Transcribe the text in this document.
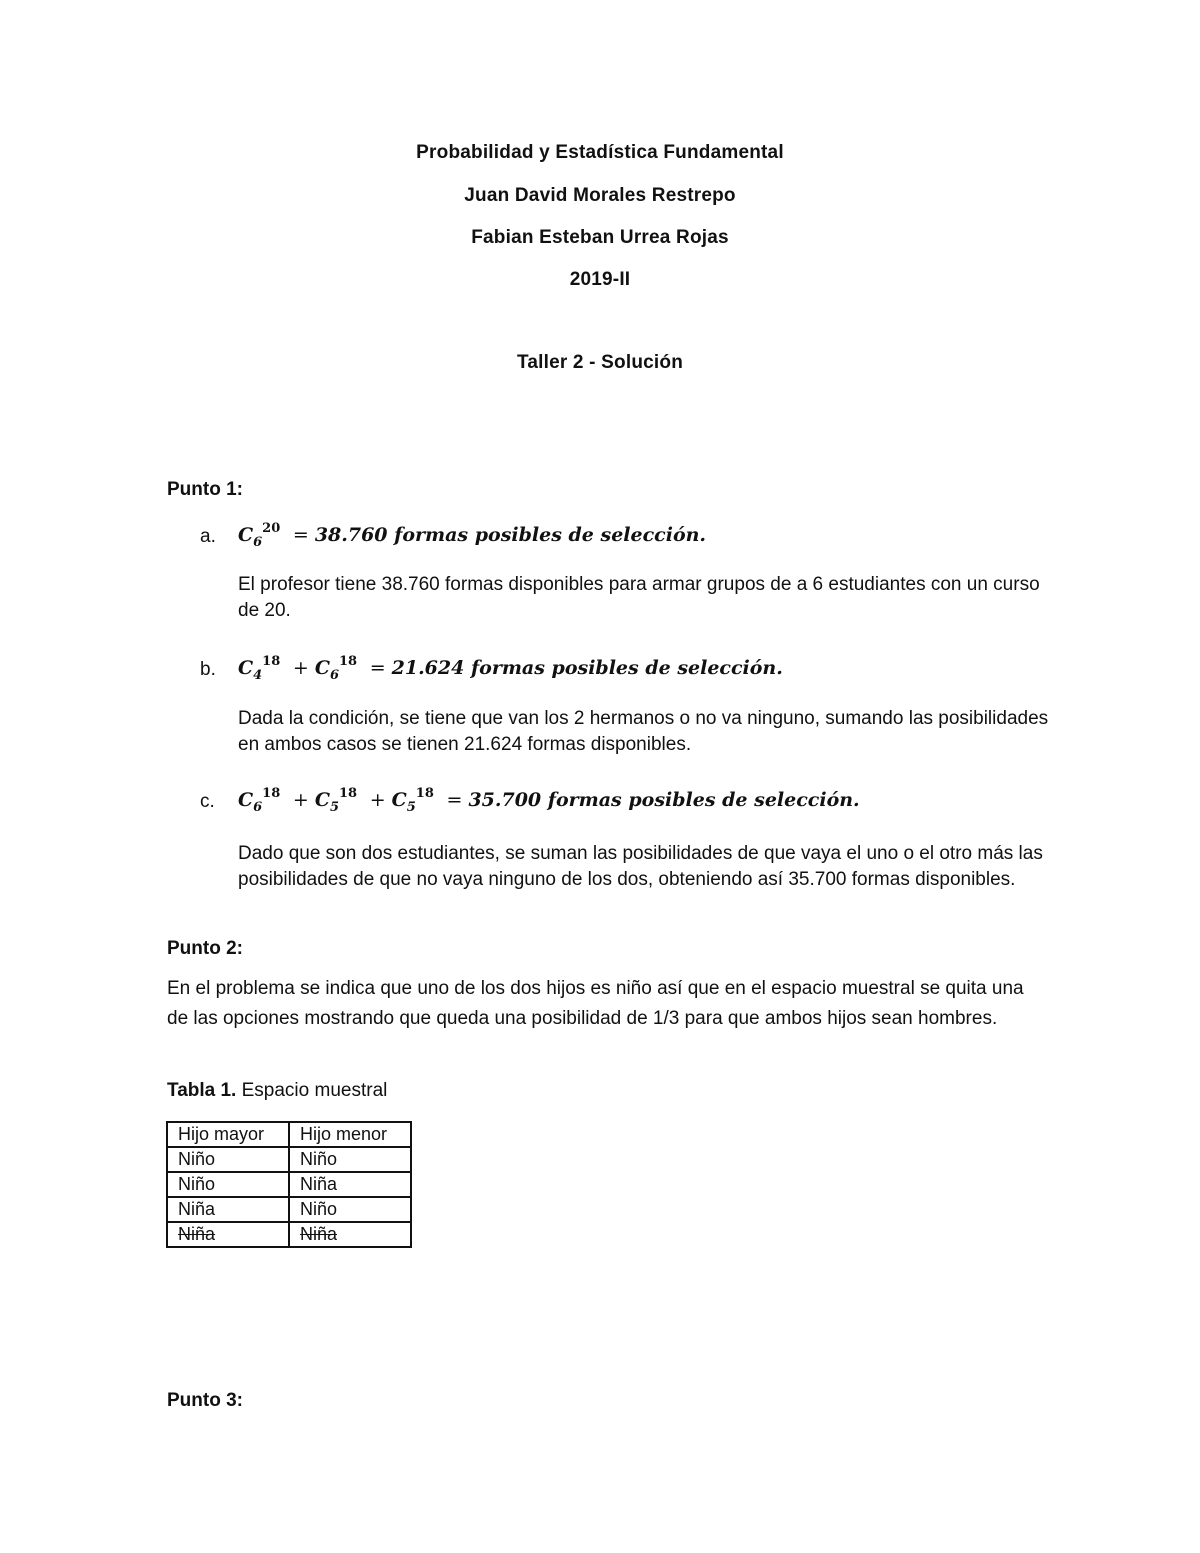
Probabilidad y Estadística Fundamental
Juan David Morales Restrepo
Fabian Esteban Urrea Rojas
2019-II
Taller 2 - Solución
Punto 1:
a. $C_6^{20} = 38.760$ formas posibles de selección.
El profesor tiene 38.760 formas disponibles para armar grupos de a 6 estudiantes con un curso de 20.
b. $C_4^{18} + C_6^{18} = 21.624$ formas posibles de selección.
Dada la condición, se tiene que van los 2 hermanos o no va ninguno, sumando las posibilidades en ambos casos se tienen 21.624 formas disponibles.
c. $C_6^{18} + C_5^{18} + C_5^{18} = 35.700$ formas posibles de selección.
Dado que son dos estudiantes, se suman las posibilidades de que vaya el uno o el otro más las posibilidades de que no vaya ninguno de los dos, obteniendo así 35.700 formas disponibles.
Punto 2:
En el problema se indica que uno de los dos hijos es niño así que en el espacio muestral se quita una de las opciones mostrando que queda una posibilidad de 1/3 para que ambos hijos sean hombres.
Tabla 1. Espacio muestral
Hijo mayor	Hijo menor
Niño	Niño
Niño	Niña
Niña	Niño
Niña	Niña
Punto 3:
